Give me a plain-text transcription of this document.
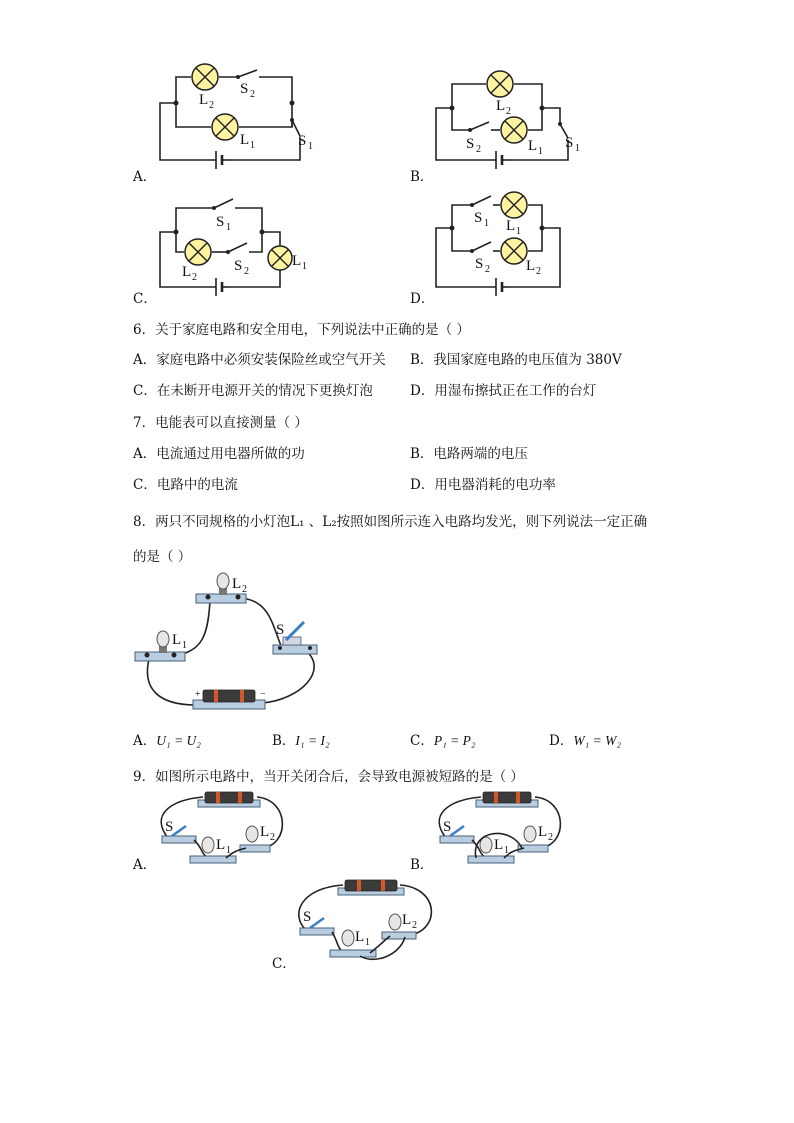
A．
L 2
S 2
L 1	S 1
B．
L 2
S 2	L 1
S 1
C．
S 1
L 2
S 2
L 1
D．
S 1 L 1
S 2 L 2
6．关于家庭电路和安全用电，下列说法中正确的是（ ）
A．家庭电路中必须安装保险丝或空气开关 B．我国家庭电路的电压值为 380V
C．在未断开电源开关的情况下更换灯泡	D．用湿布擦拭正在工作的台灯
7．电能表可以直接测量（ ）
A．电流通过用电器所做的功	B．电路两端的电压
C．电路中的电流	D．用电器消耗的电功率
8．两只不同规格的小灯泡L₁ 、L₂按照如图所示连入电路均发光，则下列说法一定正确
的是（ ）
L 2
L 1
S
+	−
A．U₁ = U₂	B．I₁ = I₂	C．P₁ = P₂	D．W₁ = W₂
9．如图所示电路中，当开关闭合后，会导致电源被短路的是（ ）
A．
S
L 1
L 2
B．
S
L 1
L 2
C．
S
L 1
L 2
